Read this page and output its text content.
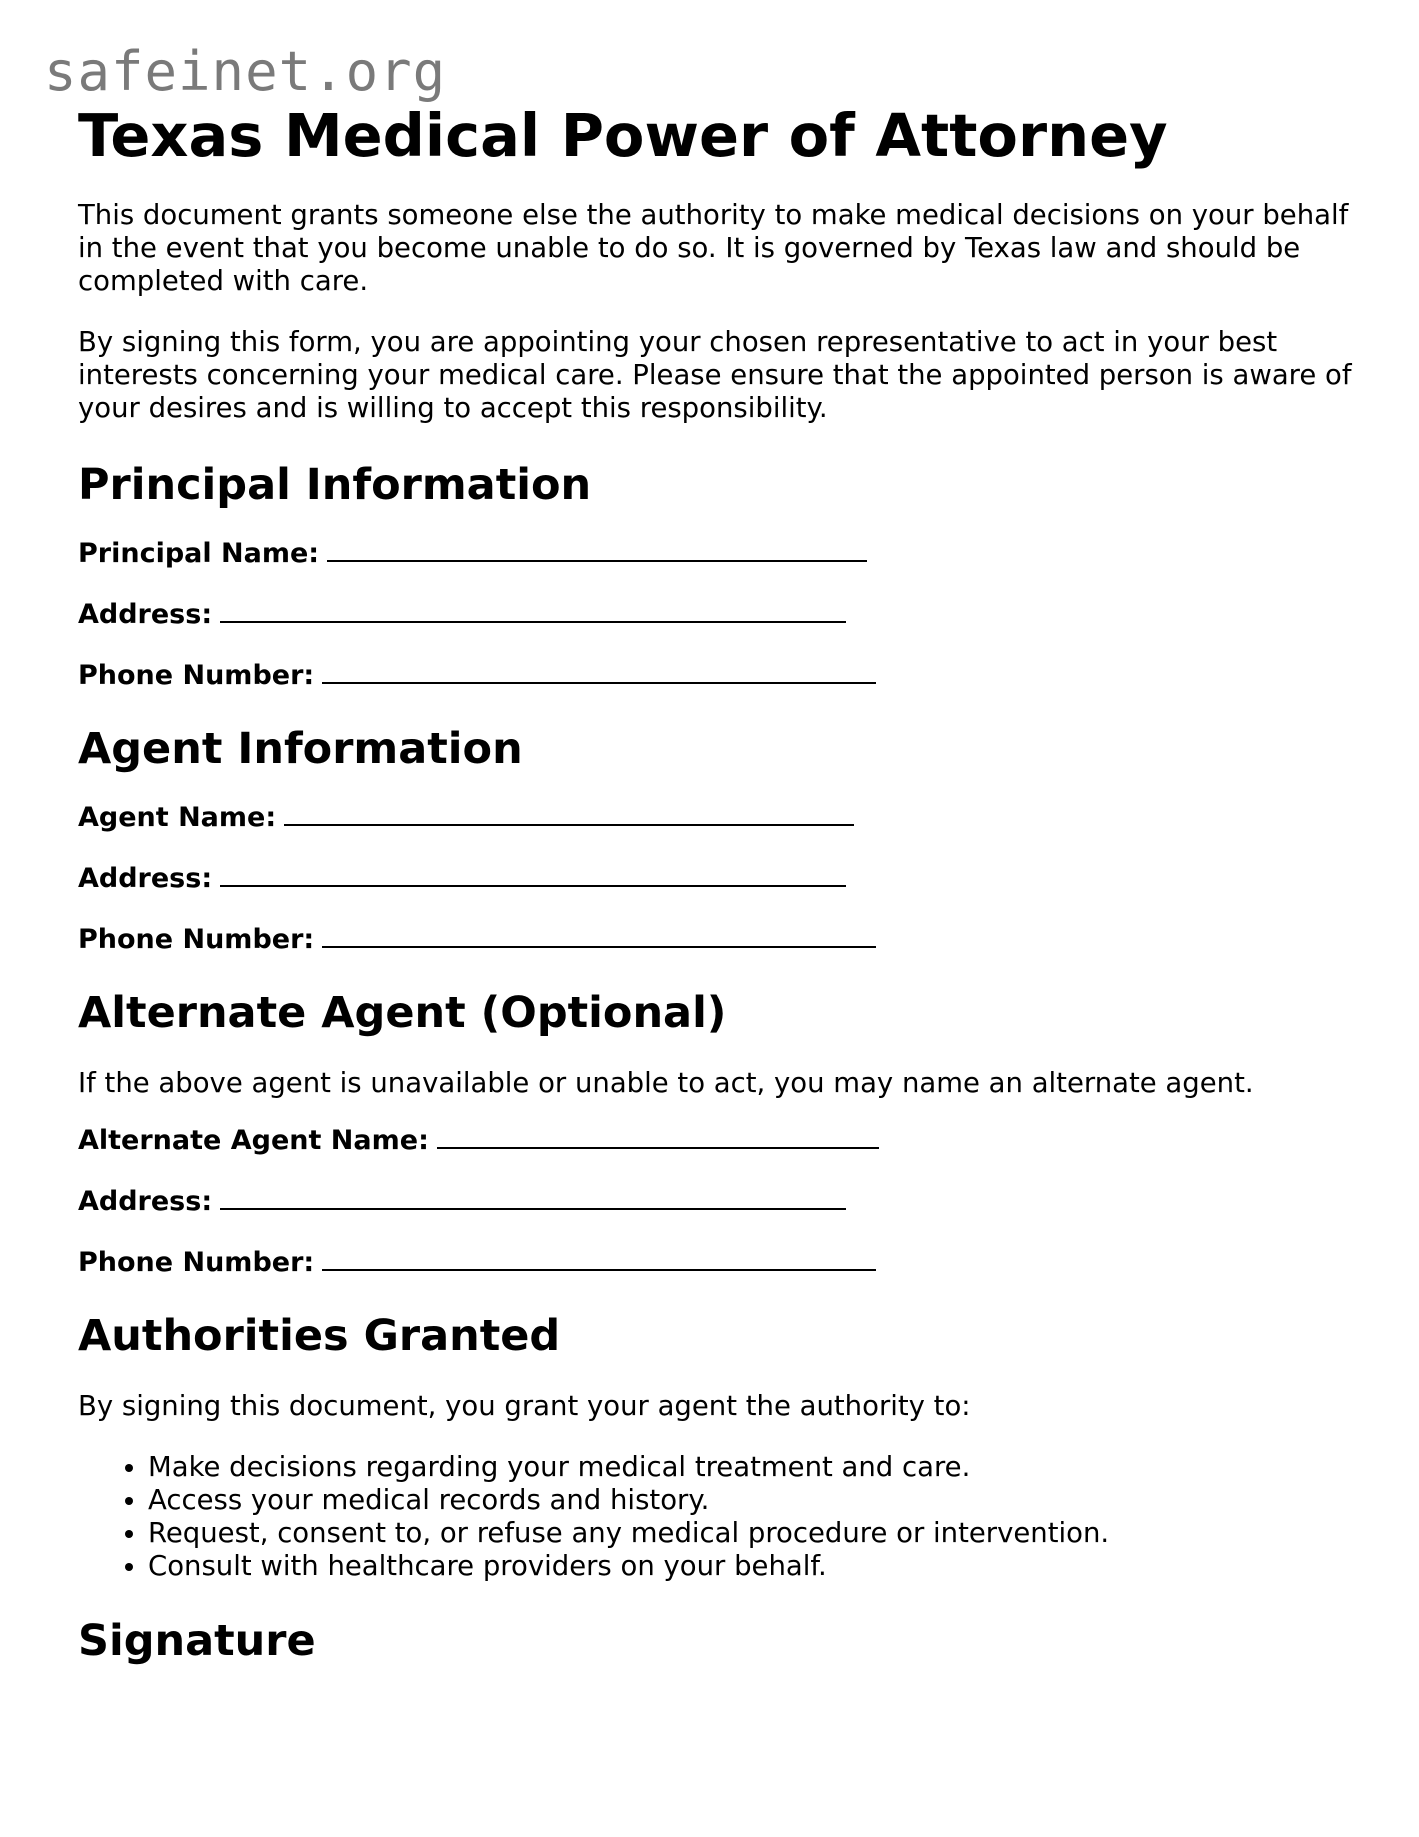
safeinet.org
Texas Medical Power of Attorney

This document grants someone else the authority to make medical decisions on your behalf in the event that you become unable to do so. It is governed by Texas law and should be completed with care.

By signing this form, you are appointing your chosen representative to act in your best interests concerning your medical care. Please ensure that the appointed person is aware of your desires and is willing to accept this responsibility.

Principal Information
Principal Name:
Address:
Phone Number:
Agent Information
Agent Name:
Address:
Phone Number:
Alternate Agent (Optional)

If the above agent is unavailable or unable to act, you may name an alternate agent.

Alternate Agent Name:
Address:
Phone Number:
Authorities Granted

By signing this document, you grant your agent the authority to:

• Make decisions regarding your medical treatment and care.
• Access your medical records and history.
• Request, consent to, or refuse any medical procedure or intervention.
• Consult with healthcare providers on your behalf.
Signature
